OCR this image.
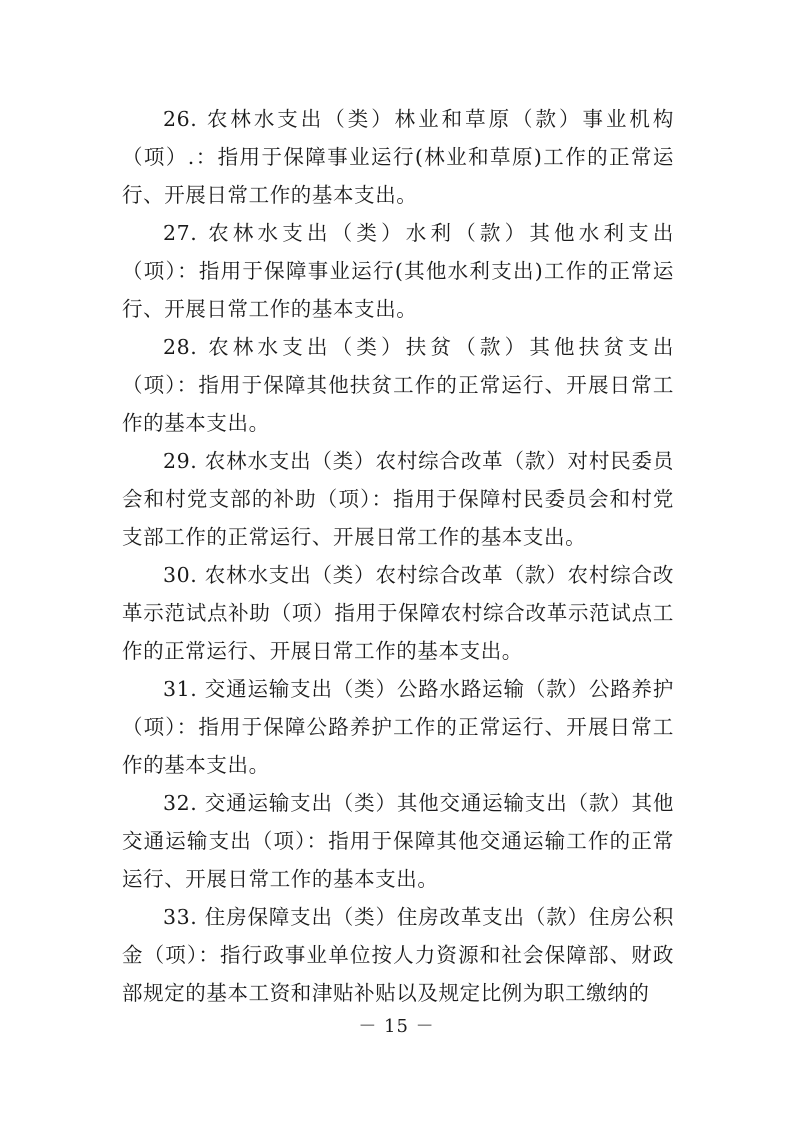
26. 农林水支出（类）林业和草原（款）事业机构（项）.：指用于保障事业运行(林业和草原)工作的正常运行、开展日常工作的基本支出。

27. 农林水支出（类）水利（款）其他水利支出（项）：指用于保障事业运行(其他水利支出)工作的正常运行、开展日常工作的基本支出。

28. 农林水支出（类）扶贫（款）其他扶贫支出（项）：指用于保障其他扶贫工作的正常运行、开展日常工作的基本支出。

29. 农林水支出（类）农村综合改革（款）对村民委员会和村党支部的补助（项）：指用于保障村民委员会和村党支部工作的正常运行、开展日常工作的基本支出。

30. 农林水支出（类）农村综合改革（款）农村综合改革示范试点补助（项）指用于保障农村综合改革示范试点工作的正常运行、开展日常工作的基本支出。

31. 交通运输支出（类）公路水路运输（款）公路养护（项）：指用于保障公路养护工作的正常运行、开展日常工作的基本支出。

32. 交通运输支出（类）其他交通运输支出（款）其他交通运输支出（项）：指用于保障其他交通运输工作的正常运行、开展日常工作的基本支出。

33. 住房保障支出（类）住房改革支出（款）住房公积金（项）：指行政事业单位按人力资源和社会保障部、财政部规定的基本工资和津贴补贴以及规定比例为职工缴纳的

－ 15 －
